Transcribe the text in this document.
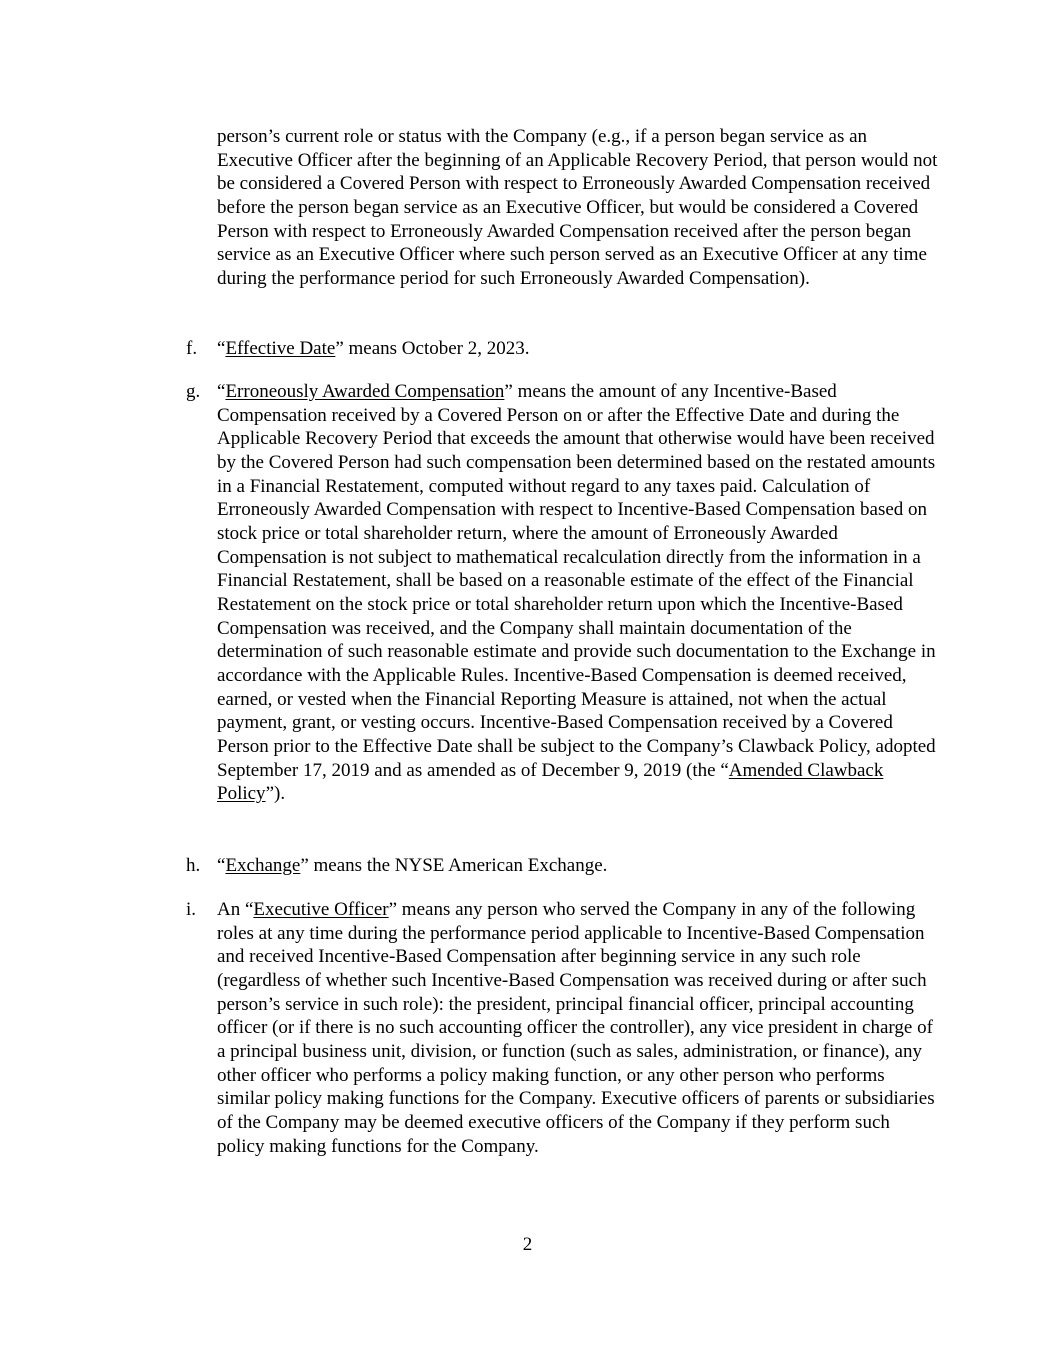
person’s current role or status with the Company (e.g., if a person began service as an Executive Officer after the beginning of an Applicable Recovery Period, that person would not be considered a Covered Person with respect to Erroneously Awarded Compensation received before the person began service as an Executive Officer, but would be considered a Covered Person with respect to Erroneously Awarded Compensation received after the person began service as an Executive Officer where such person served as an Executive Officer at any time during the performance period for such Erroneously Awarded Compensation).

f. “Effective Date” means October 2, 2023.

g. “Erroneously Awarded Compensation” means the amount of any Incentive-Based Compensation received by a Covered Person on or after the Effective Date and during the Applicable Recovery Period that exceeds the amount that otherwise would have been received by the Covered Person had such compensation been determined based on the restated amounts in a Financial Restatement, computed without regard to any taxes paid. Calculation of Erroneously Awarded Compensation with respect to Incentive-Based Compensation based on stock price or total shareholder return, where the amount of Erroneously Awarded Compensation is not subject to mathematical recalculation directly from the information in a Financial Restatement, shall be based on a reasonable estimate of the effect of the Financial Restatement on the stock price or total shareholder return upon which the Incentive-Based Compensation was received, and the Company shall maintain documentation of the determination of such reasonable estimate and provide such documentation to the Exchange in accordance with the Applicable Rules. Incentive-Based Compensation is deemed received, earned, or vested when the Financial Reporting Measure is attained, not when the actual payment, grant, or vesting occurs. Incentive-Based Compensation received by a Covered Person prior to the Effective Date shall be subject to the Company’s Clawback Policy, adopted September 17, 2019 and as amended as of December 9, 2019 (the “Amended Clawback Policy”).

h. “Exchange” means the NYSE American Exchange.

i. An “Executive Officer” means any person who served the Company in any of the following roles at any time during the performance period applicable to Incentive-Based Compensation and received Incentive-Based Compensation after beginning service in any such role (regardless of whether such Incentive-Based Compensation was received during or after such person’s service in such role): the president, principal financial officer, principal accounting officer (or if there is no such accounting officer the controller), any vice president in charge of a principal business unit, division, or function (such as sales, administration, or finance), any other officer who performs a policy making function, or any other person who performs similar policy making functions for the Company. Executive officers of parents or subsidiaries of the Company may be deemed executive officers of the Company if they perform such policy making functions for the Company.

2
